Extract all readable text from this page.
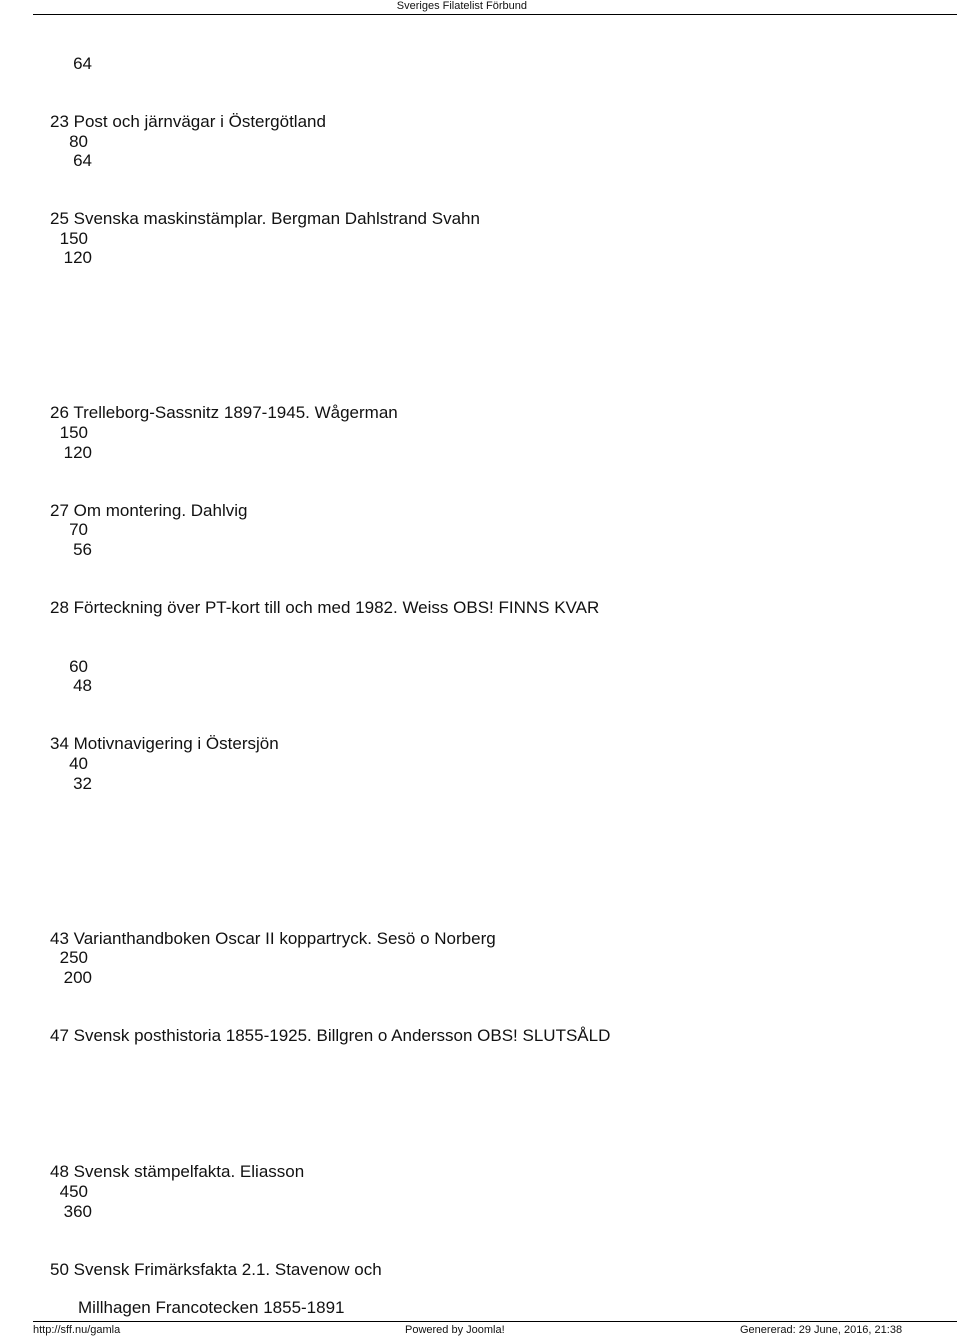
Sveriges Filatelist Förbund
64
23 Post och järnvägar i Östergötland
80
64
25 Svenska maskinstämplar. Bergman Dahlstrand Svahn
150
120
26 Trelleborg-Sassnitz 1897-1945. Wågerman
150
120
27 Om montering. Dahlvig
70
56
28 Förteckning över PT-kort till och med 1982. Weiss OBS! FINNS KVAR
60
48
34 Motivnavigering i Östersjön
40
32
43 Varianthandboken Oscar II koppartryck. Sesö o Norberg
250
200
47 Svensk posthistoria 1855-1925. Billgren o Andersson OBS! SLUTSÅLD
48 Svensk stämpelfakta. Eliasson
450
360
50 Svensk Frimärksfakta 2.1. Stavenow och
Millhagen Francotecken 1855-1891
http://sff.nu/gamla	Powered by Joomla!	Genererad: 29 June, 2016, 21:38
